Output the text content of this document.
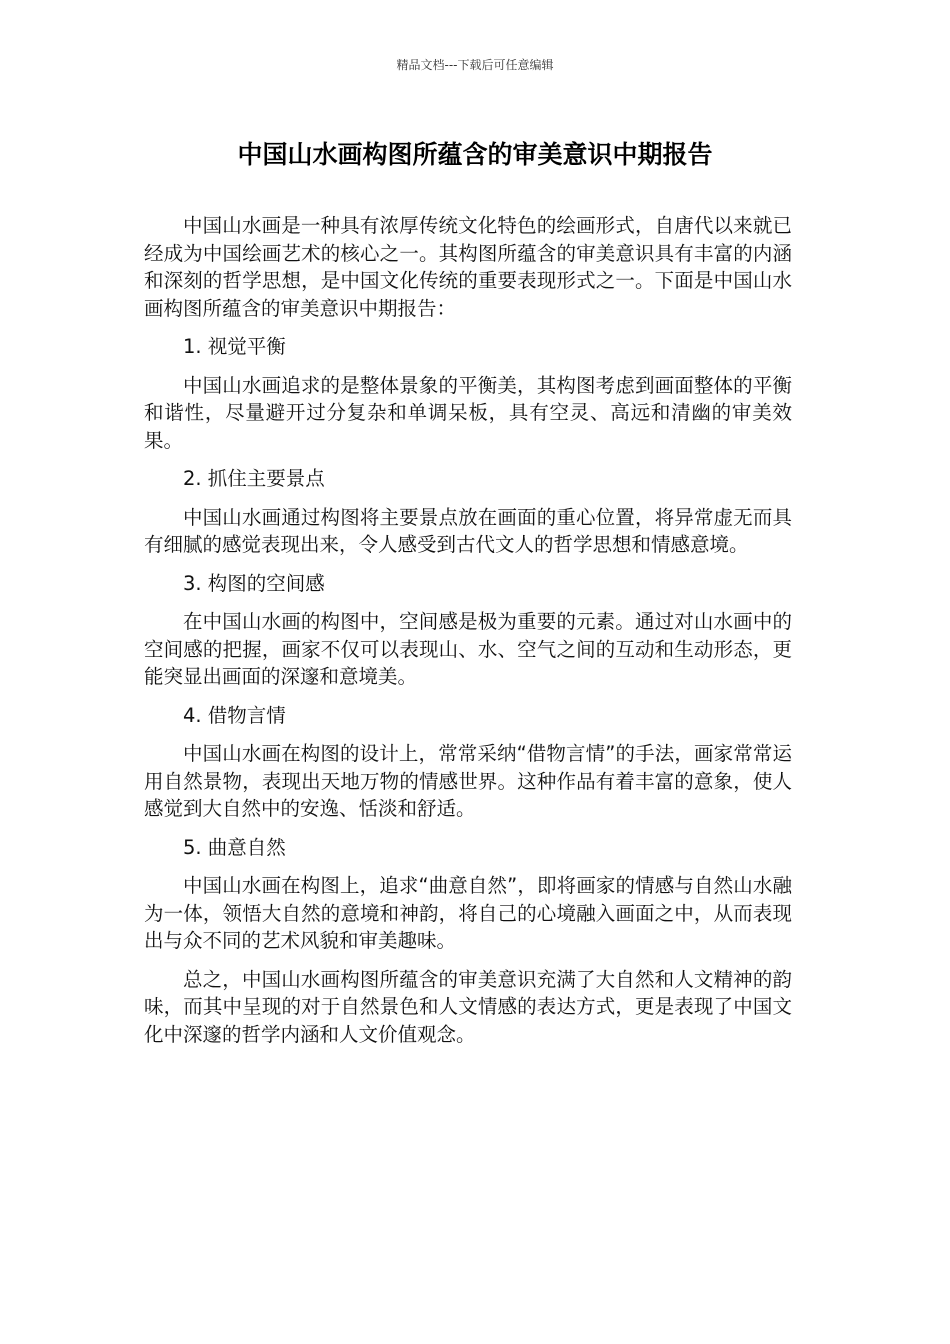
精品文档---下载后可任意编辑
中国山水画构图所蕴含的审美意识中期报告

中国山水画是一种具有浓厚传统文化特色的绘画形式，自唐代以来就已经成为中国绘画艺术的核心之一。其构图所蕴含的审美意识具有丰富的内涵和深刻的哲学思想，是中国文化传统的重要表现形式之一。下面是中国山水画构图所蕴含的审美意识中期报告：

1. 视觉平衡

中国山水画追求的是整体景象的平衡美，其构图考虑到画面整体的平衡和谐性，尽量避开过分复杂和单调呆板，具有空灵、高远和清幽的审美效果。

2. 抓住主要景点

中国山水画通过构图将主要景点放在画面的重心位置，将异常虚无而具有细腻的感觉表现出来，令人感受到古代文人的哲学思想和情感意境。

3. 构图的空间感

在中国山水画的构图中，空间感是极为重要的元素。通过对山水画中的空间感的把握，画家不仅可以表现山、水、空气之间的互动和生动形态，更能突显出画面的深邃和意境美。

4. 借物言情

中国山水画在构图的设计上，常常采纳“借物言情”的手法，画家常常运用自然景物，表现出天地万物的情感世界。这种作品有着丰富的意象，使人感觉到大自然中的安逸、恬淡和舒适。

5. 曲意自然

中国山水画在构图上，追求“曲意自然”，即将画家的情感与自然山水融为一体，领悟大自然的意境和神韵，将自己的心境融入画面之中，从而表现出与众不同的艺术风貌和审美趣味。

总之，中国山水画构图所蕴含的审美意识充满了大自然和人文精神的韵味，而其中呈现的对于自然景色和人文情感的表达方式，更是表现了中国文化中深邃的哲学内涵和人文价值观念。
